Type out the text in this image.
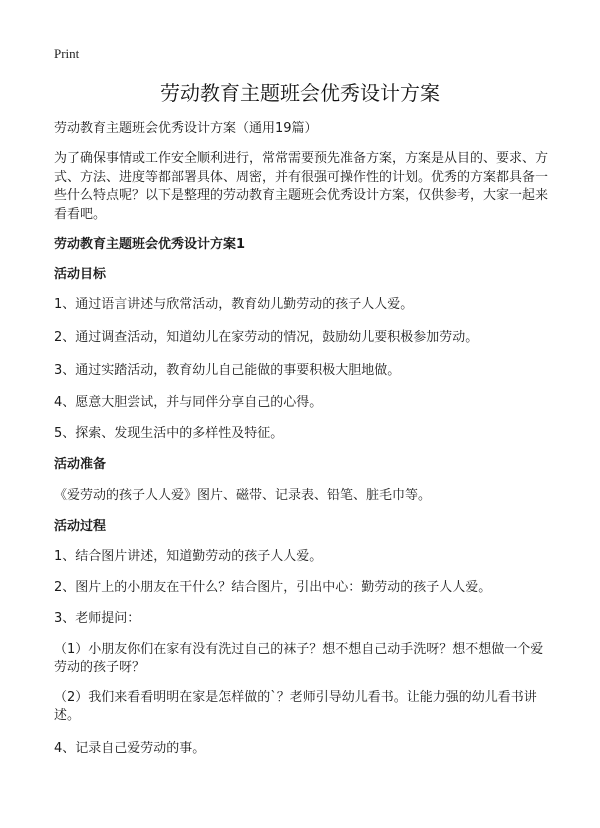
Print
劳动教育主题班会优秀设计方案

劳动教育主题班会优秀设计方案（通用19篇）

为了确保事情或工作安全顺利进行，常常需要预先准备方案，方案是从目的、要求、方式、方法、进度等都部署具体、周密，并有很强可操作性的计划。优秀的方案都具备一些什么特点呢？以下是整理的劳动教育主题班会优秀设计方案，仅供参考，大家一起来看看吧。

劳动教育主题班会优秀设计方案1
活动目标

1、通过语言讲述与欣常活动，教育幼儿勤劳动的孩子人人爱。

2、通过调查活动，知道幼儿在家劳动的情况，鼓励幼儿要积极参加劳动。

3、通过实踏活动，教育幼儿自己能做的事要积极大胆地做。

4、愿意大胆尝试，并与同伴分享自己的心得。

5、探索、发现生活中的多样性及特征。

活动准备

《爱劳动的孩子人人爱》图片、磁带、记录表、铅笔、脏毛巾等。

活动过程

1、结合图片讲述，知道勤劳动的孩子人人爱。

2、图片上的小朋友在干什么？结合图片，引出中心：勤劳动的孩子人人爱。

3、老师提问：

（1）小朋友你们在家有没有洗过自己的袜子？想不想自己动手洗呀？想不想做一个爱劳动的孩子呀？

（2）我们来看看明明在家是怎样做的`？老师引导幼儿看书。让能力强的幼儿看书讲述。

4、记录自己爱劳动的事。
